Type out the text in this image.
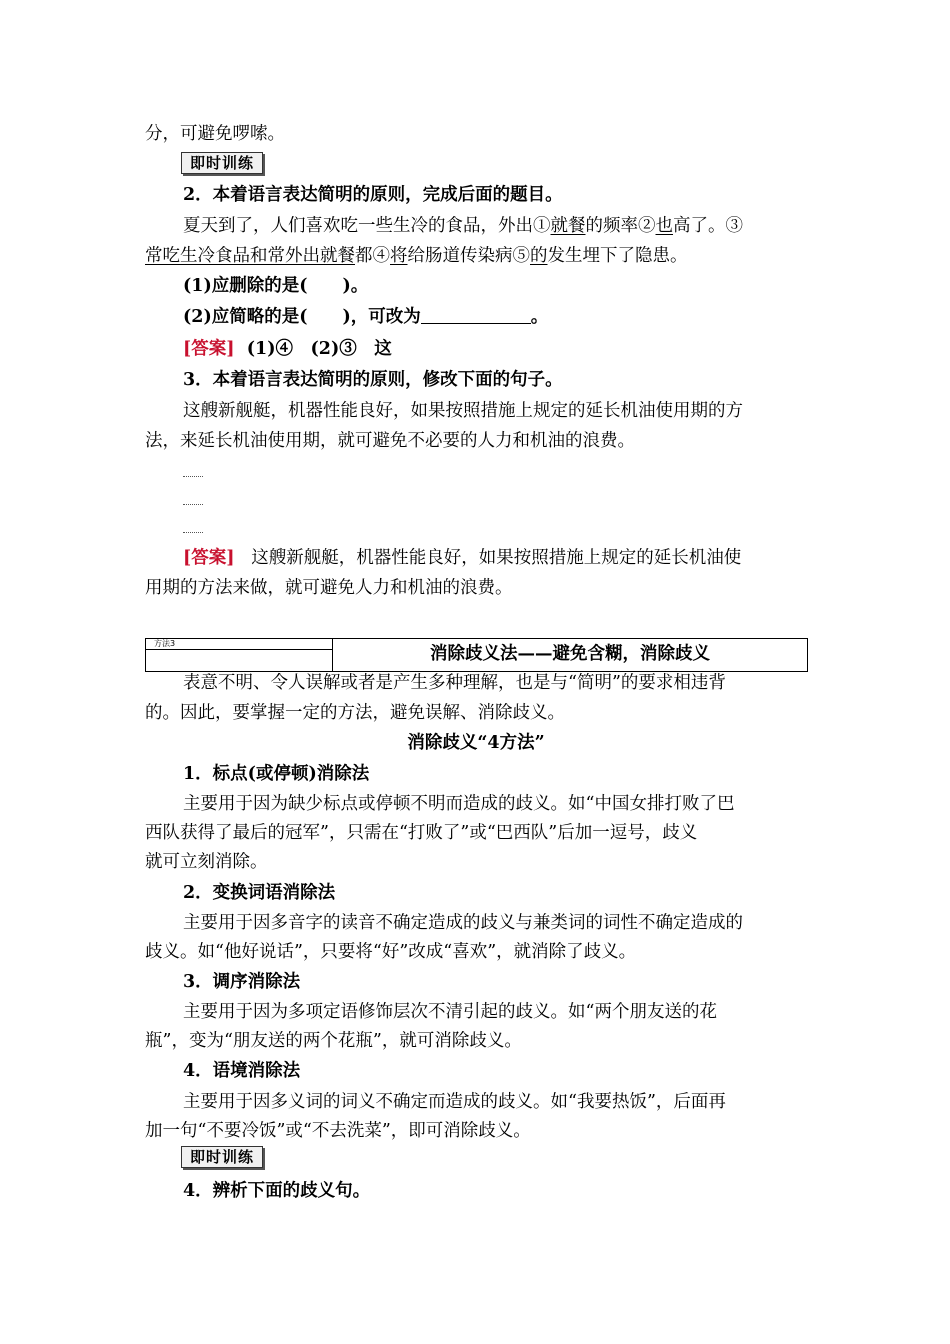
分，可避免啰嗦。
即时训练
2．本着语言表达简明的原则，完成后面的题目。
夏天到了，人们喜欢吃一些生冷的食品，外出①就餐的频率②也高了。③
常吃生冷食品和常外出就餐都④将给肠道传染病⑤的发生埋下了隐患。
(1)应删除的是(　　)。
(2)应简略的是(　　)，可改为	。
[答案] (1)④　(2)③　这
3．本着语言表达简明的原则，修改下面的句子。
这艘新舰艇，机器性能良好，如果按照措施上规定的延长机油使用期的方
法，来延长机油使用期，就可避免不必要的人力和机油的浪费。
[答案] 这艘新舰艇，机器性能良好，如果按照措施上规定的延长机油使
用期的方法来做，就可避免人力和机油的浪费。
方法3
消除歧义法——避免含糊，消除歧义
表意不明、令人误解或者是产生多种理解，也是与“简明”的要求相违背
的。因此，要掌握一定的方法，避免误解、消除歧义。
消除歧义“4方法”
1．标点(或停顿)消除法
主要用于因为缺少标点或停顿不明而造成的歧义。如“中国女排打败了巴
西队获得了最后的冠军”，只需在“打败了”或“巴西队”后加一逗号，歧义
就可立刻消除。
2．变换词语消除法
主要用于因多音字的读音不确定造成的歧义与兼类词的词性不确定造成的
歧义。如“他好说话”，只要将“好”改成“喜欢”，就消除了歧义。
3．调序消除法
主要用于因为多项定语修饰层次不清引起的歧义。如“两个朋友送的花
瓶”，变为“朋友送的两个花瓶”，就可消除歧义。
4．语境消除法
主要用于因多义词的词义不确定而造成的歧义。如“我要热饭”，后面再
加一句“不要冷饭”或“不去洗菜”，即可消除歧义。
即时训练
4．辨析下面的歧义句。
